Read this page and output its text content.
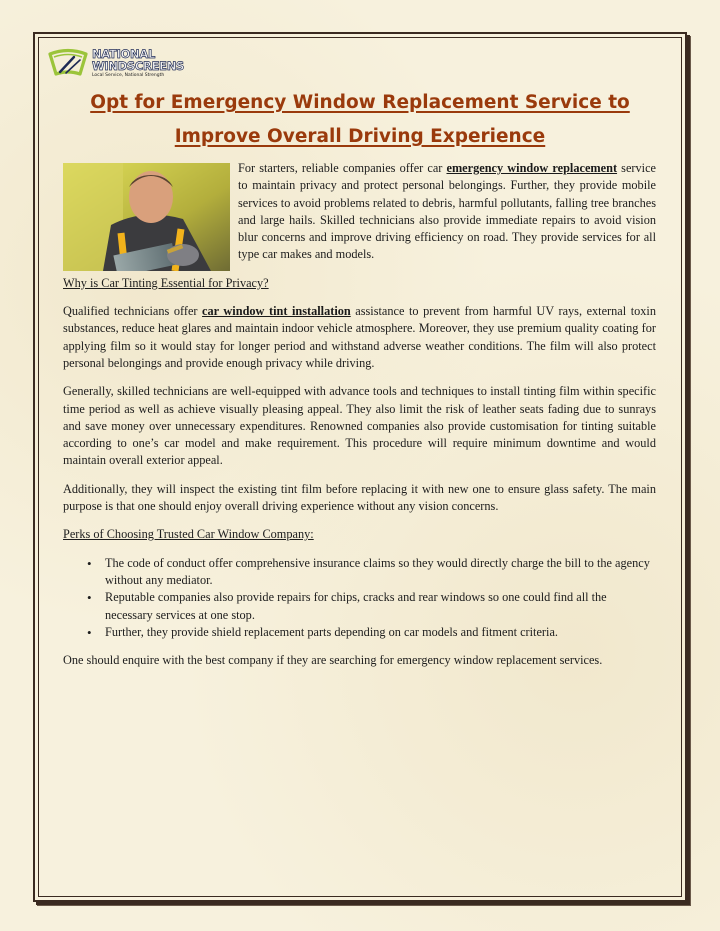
NATIONAL
WINDSCREENS
Local Service, National Strength
Opt for Emergency Window Replacement Service to
Improve Overall Driving Experience

For starters, reliable companies offer car emergency window replacement service to maintain privacy and protect personal belongings. Further, they provide mobile services to avoid problems related to debris, harmful pollutants, falling tree branches and large hails. Skilled technicians also provide immediate repairs to avoid vision blur concerns and improve driving efficiency on road. They provide services for all type car makes and models.

Why is Car Tinting Essential for Privacy?

Qualified technicians offer car window tint installation assistance to prevent from harmful UV rays, external toxin substances, reduce heat glares and maintain indoor vehicle atmosphere. Moreover, they use premium quality coating for applying film so it would stay for longer period and withstand adverse weather conditions. The film will also protect personal belongings and provide enough privacy while driving.

Generally, skilled technicians are well-equipped with advance tools and techniques to install tinting film within specific time period as well as achieve visually pleasing appeal. They also limit the risk of leather seats fading due to sunrays and save money over unnecessary expenditures. Renowned companies also provide customisation for tinting suitable according to one’s car model and make requirement. This procedure will require minimum downtime and would maintain overall exterior appeal.

Additionally, they will inspect the existing tint film before replacing it with new one to ensure glass safety. The main purpose is that one should enjoy overall driving experience without any vision concerns.

Perks of Choosing Trusted Car Window Company:

• The code of conduct offer comprehensive insurance claims so they would directly charge the bill to the agency without any mediator.
• Reputable companies also provide repairs for chips, cracks and rear windows so one could find all the necessary services at one stop.
• Further, they provide shield replacement parts depending on car models and fitment criteria.

One should enquire with the best company if they are searching for emergency window replacement services.
